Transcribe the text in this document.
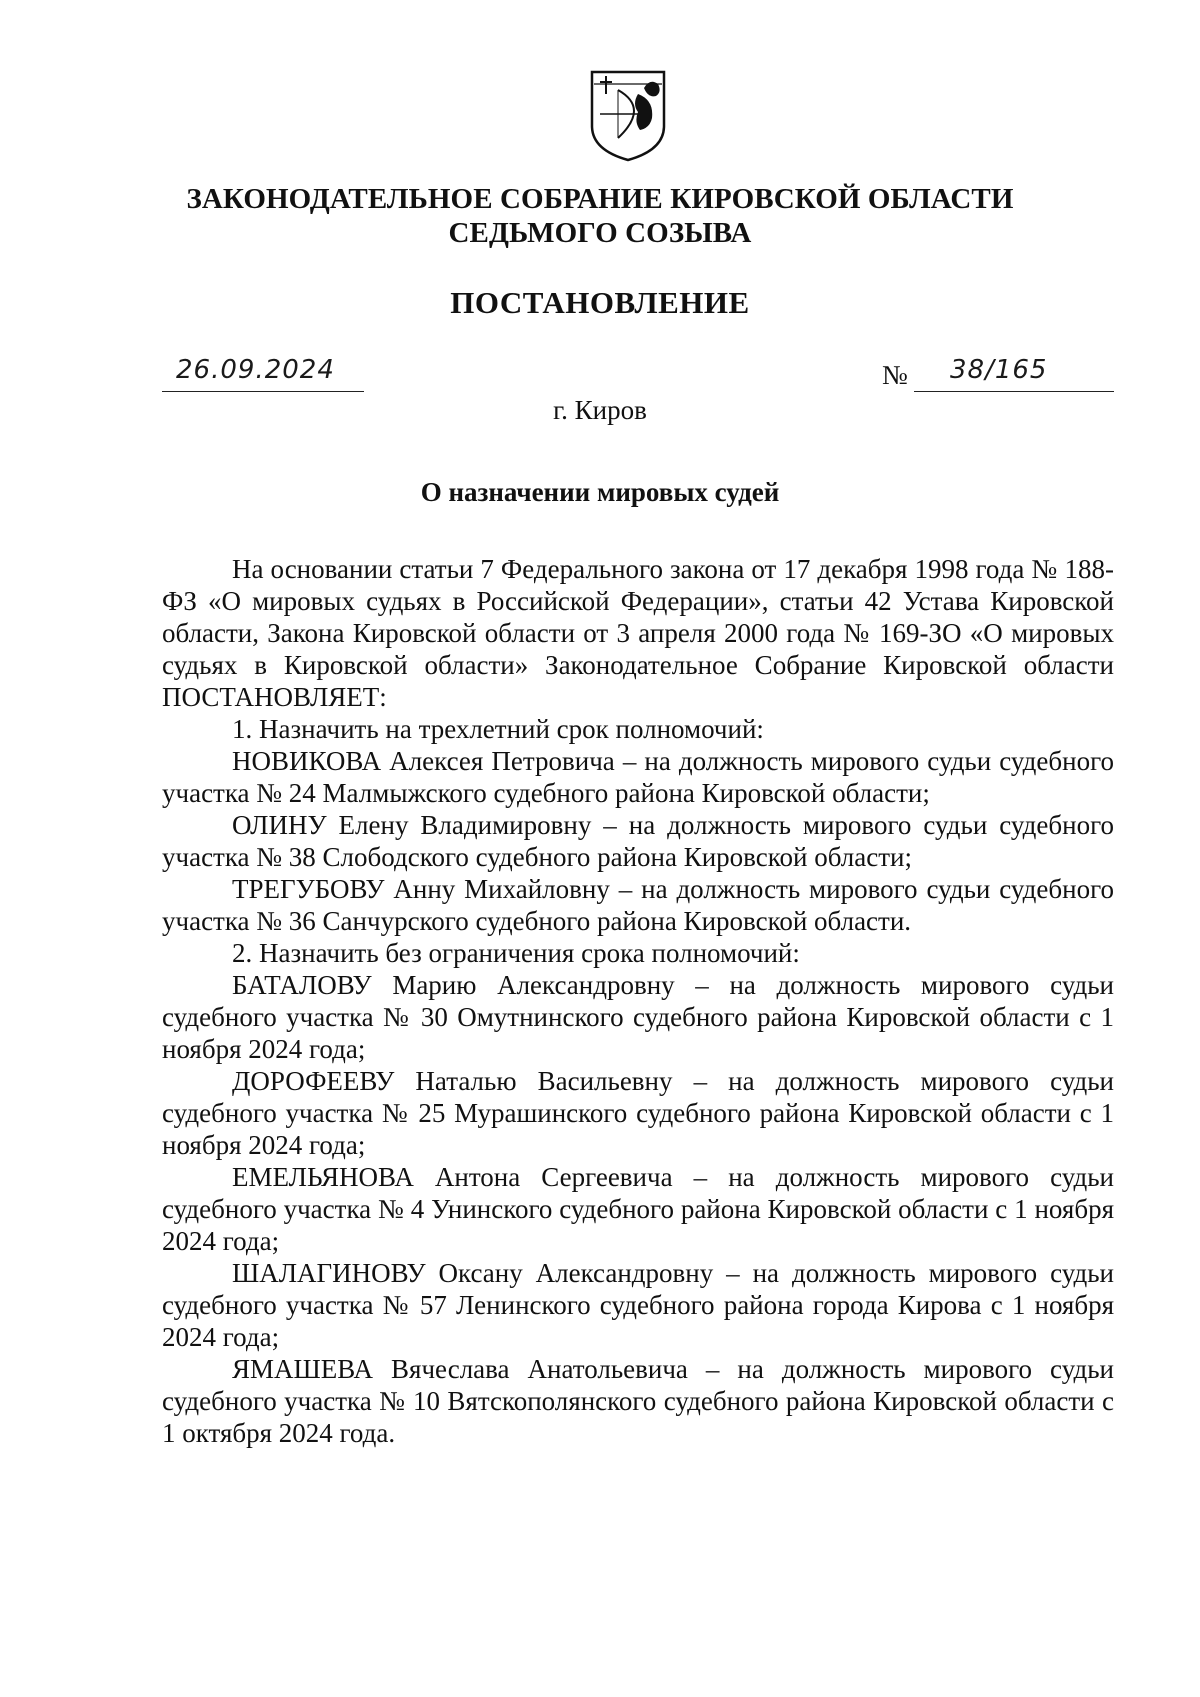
ЗАКОНОДАТЕЛЬНОЕ СОБРАНИЕ КИРОВСКОЙ ОБЛАСТИ
СЕДЬМОГО СОЗЫВА
ПОСТАНОВЛЕНИЕ
26.09.2024	№ 38/165
г. Киров
О назначении мировых судей

На основании статьи 7 Федерального закона от 17 декабря 1998 года № 188-ФЗ «О мировых судьях в Российской Федерации», статьи 42 Устава Кировской области, Закона Кировской области от 3 апреля 2000 года № 169-ЗО «О мировых судьях в Кировской области» Законодательное Собрание Кировской области ПОСТАНОВЛЯЕТ:

1. Назначить на трехлетний срок полномочий:

НОВИКОВА Алексея Петровича – на должность мирового судьи судебного участка № 24 Малмыжского судебного района Кировской области;

ОЛИНУ Елену Владимировну – на должность мирового судьи судебного участка № 38 Слободского судебного района Кировской области;

ТРЕГУБОВУ Анну Михайловну – на должность мирового судьи судебного участка № 36 Санчурского судебного района Кировской области.

2. Назначить без ограничения срока полномочий:

БАТАЛОВУ Марию Александровну – на должность мирового судьи судебного участка № 30 Омутнинского судебного района Кировской области с 1 ноября 2024 года;

ДОРОФЕЕВУ Наталью Васильевну – на должность мирового судьи судебного участка № 25 Мурашинского судебного района Кировской области с 1 ноября 2024 года;

ЕМЕЛЬЯНОВА Антона Сергеевича – на должность мирового судьи судебного участка № 4 Унинского судебного района Кировской области с 1 ноября 2024 года;

ШАЛАГИНОВУ Оксану Александровну – на должность мирового судьи судебного участка № 57 Ленинского судебного района города Кирова с 1 ноября 2024 года;

ЯМАШЕВА Вячеслава Анатольевича – на должность мирового судьи судебного участка № 10 Вятскополянского судебного района Кировской области с 1 октября 2024 года.
